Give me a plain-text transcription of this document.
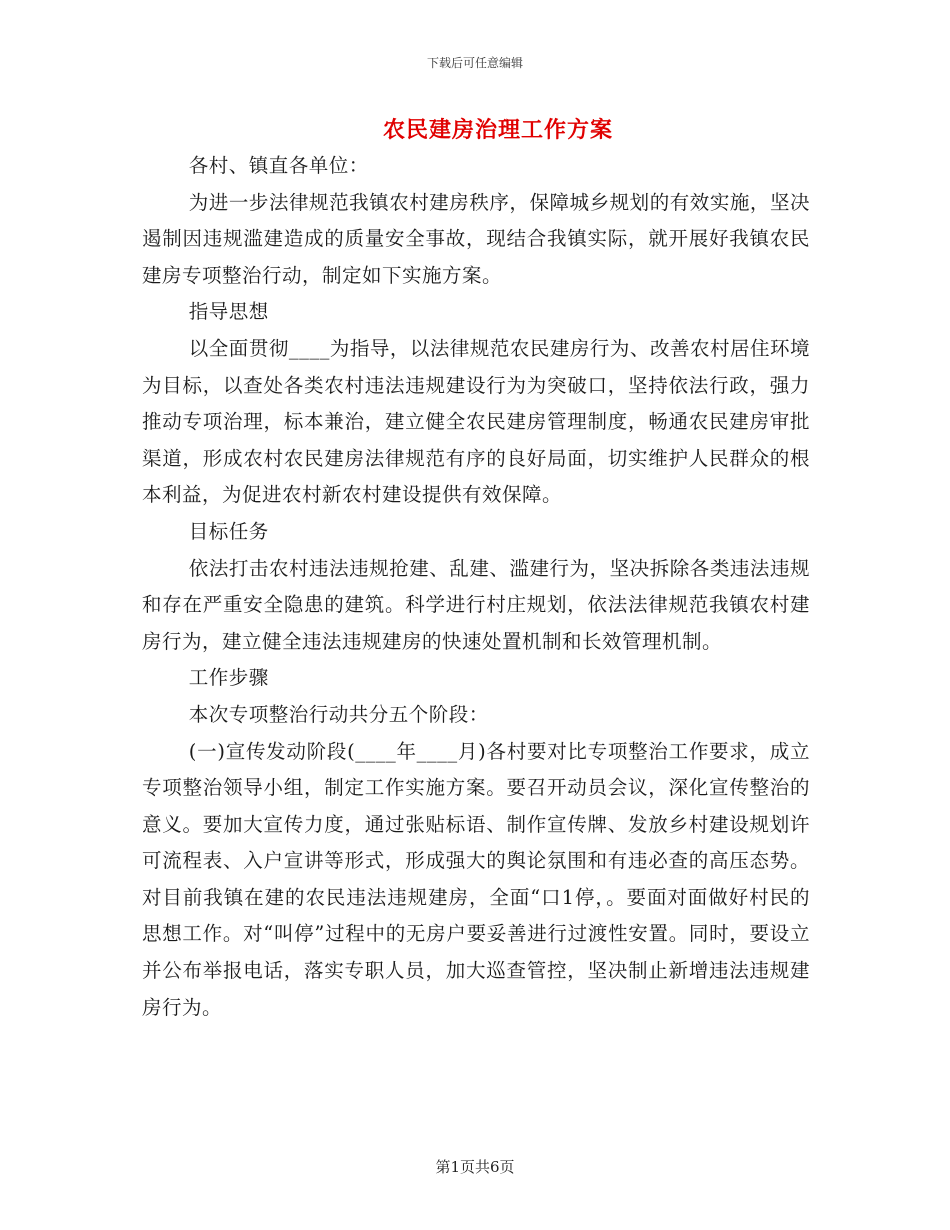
下载后可任意编辑
农民建房治理工作方案

各村、镇直各单位：

为进一步法律规范我镇农村建房秩序，保障城乡规划的有效实施，坚决遏制因违规滥建造成的质量安全事故，现结合我镇实际，就开展好我镇农民建房专项整治行动，制定如下实施方案。

指导思想

以全面贯彻____为指导，以法律规范农民建房行为、改善农村居住环境为目标，以查处各类农村违法违规建设行为为突破口，坚持依法行政，强力推动专项治理，标本兼治，建立健全农民建房管理制度，畅通农民建房审批渠道，形成农村农民建房法律规范有序的良好局面，切实维护人民群众的根本利益，为促进农村新农村建设提供有效保障。

目标任务

依法打击农村违法违规抢建、乱建、滥建行为，坚决拆除各类违法违规和存在严重安全隐患的建筑。科学进行村庄规划，依法法律规范我镇农村建房行为，建立健全违法违规建房的快速处置机制和长效管理机制。

工作步骤

本次专项整治行动共分五个阶段：

(一)宣传发动阶段(____年____月)各村要对比专项整治工作要求，成立专项整治领导小组，制定工作实施方案。要召开动员会议，深化宣传整治的意义。要加大宣传力度，通过张贴标语、制作宣传牌、发放乡村建设规划许可流程表、入户宣讲等形式，形成强大的舆论氛围和有违必查的高压态势。对目前我镇在建的农民违法违规建房，全面“口1停，。要面对面做好村民的思想工作。对“叫停”过程中的无房户要妥善进行过渡性安置。同时，要设立并公布举报电话，落实专职人员，加大巡查管控，坚决制止新增违法违规建房行为。

第1页共6页
